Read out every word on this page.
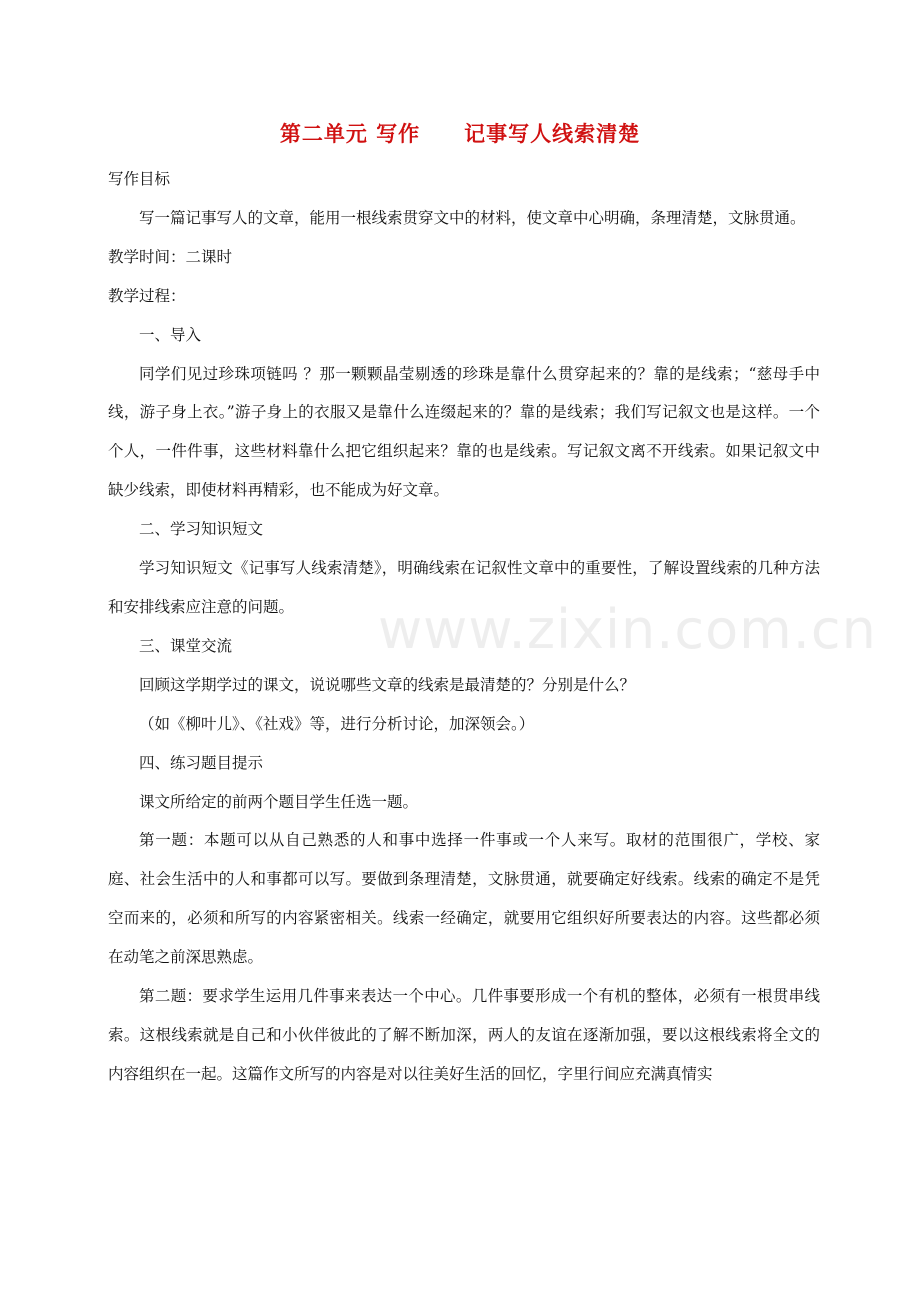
第二单元 写作　　记事写人线索清楚

写作目标

写一篇记事写人的文章，能用一根线索贯穿文中的材料，使文章中心明确，条理清楚，文脉贯通。

教学时间：二课时

教学过程：

一、导入

同学们见过珍珠项链吗 ？那一颗颗晶莹剔透的珍珠是靠什么贯穿起来的？靠的是线索；“慈母手中线，游子身上衣。”游子身上的衣服又是靠什么连缀起来的？靠的是线索；我们写记叙文也是这样。一个个人，一件件事，这些材料靠什么把它组织起来？靠的也是线索。写记叙文离不开线索。如果记叙文中缺少线索，即使材料再精彩，也不能成为好文章。

二、学习知识短文

学习知识短文《记事写人线索清楚》，明确线索在记叙性文章中的重要性，了解设置线索的几种方法和安排线索应注意的问题。

三、课堂交流

回顾这学期学过的课文，说说哪些文章的线索是最清楚的？分别是什么？

（如《柳叶儿》、《社戏》等，进行分析讨论，加深领会。）

四、练习题目提示

课文所给定的前两个题目学生任选一题。

第一题：本题可以从自己熟悉的人和事中选择一件事或一个人来写。取材的范围很广，学校、家庭、社会生活中的人和事都可以写。要做到条理清楚，文脉贯通，就要确定好线索。线索的确定不是凭空而来的，必须和所写的内容紧密相关。线索一经确定，就要用它组织好所要表达的内容。这些都必须在动笔之前深思熟虑。

第二题：要求学生运用几件事来表达一个中心。几件事要形成一个有机的整体，必须有一根贯串线索。这根线索就是自己和小伙伴彼此的了解不断加深，两人的友谊在逐渐加强，要以这根线索将全文的内容组织在一起。这篇作文所写的内容是对以往美好生活的回忆，字里行间应充满真情实

www.zixin.com.cn
